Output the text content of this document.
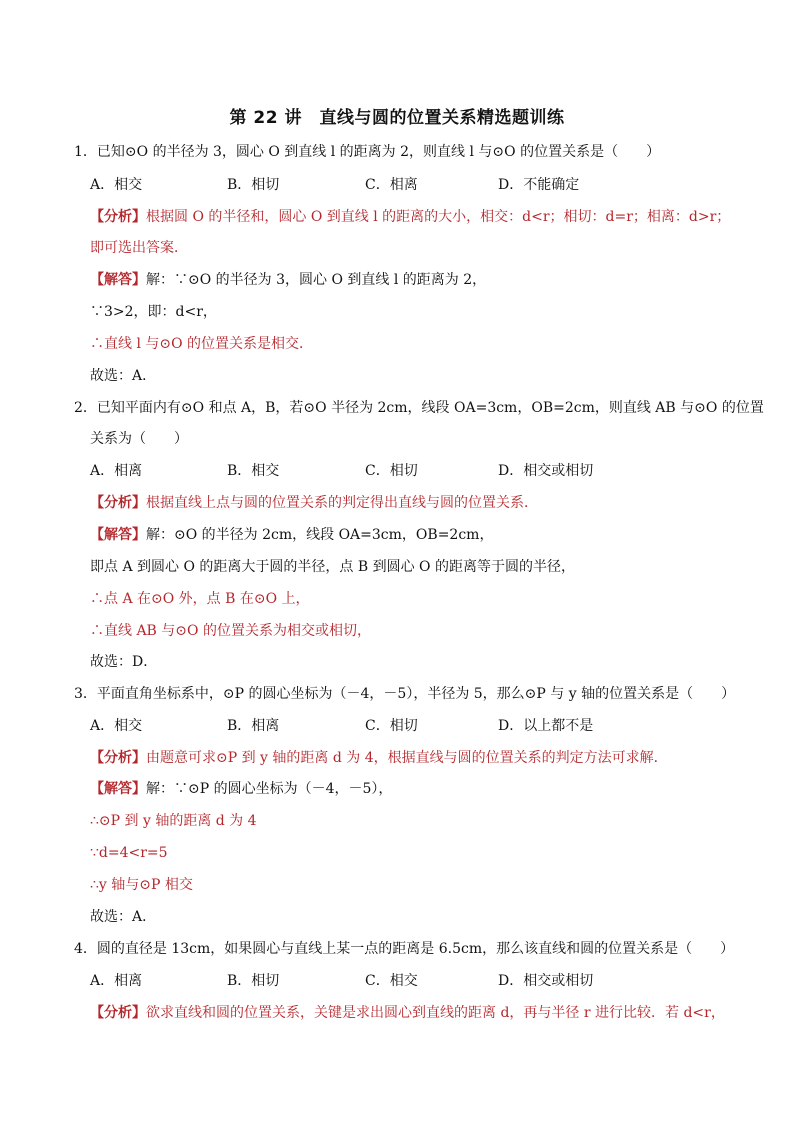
第 22 讲　直线与圆的位置关系精选题训练
1．已知⊙O 的半径为 3，圆心 O 到直线 l 的距离为 2，则直线 l 与⊙O 的位置关系是（　　）
A．相交	B．相切	C．相离	D．不能确定
【分析】根据圆 O 的半径和，圆心 O 到直线 l 的距离的大小，相交：d<r；相切：d=r；相离：d>r；
即可选出答案．
【解答】解：∵⊙O 的半径为 3，圆心 O 到直线 l 的距离为 2，
∵3>2，即：d<r，
∴直线 l 与⊙O 的位置关系是相交．
故选：A．
2．已知平面内有⊙O 和点 A，B，若⊙O 半径为 2cm，线段 OA=3cm，OB=2cm，则直线 AB 与⊙O 的位置
关系为（　　）
A．相离	B．相交	C．相切	D．相交或相切
【分析】根据直线上点与圆的位置关系的判定得出直线与圆的位置关系．
【解答】解：⊙O 的半径为 2cm，线段 OA=3cm，OB=2cm，
即点 A 到圆心 O 的距离大于圆的半径，点 B 到圆心 O 的距离等于圆的半径，
∴点 A 在⊙O 外，点 B 在⊙O 上，
∴直线 AB 与⊙O 的位置关系为相交或相切，
故选：D．
3．平面直角坐标系中，⊙P 的圆心坐标为（－4，－5），半径为 5，那么⊙P 与 y 轴的位置关系是（　　）
A．相交	B．相离	C．相切	D．以上都不是
【分析】由题意可求⊙P 到 y 轴的距离 d 为 4，根据直线与圆的位置关系的判定方法可求解．
【解答】解：∵⊙P 的圆心坐标为（－4，－5），
∴⊙P 到 y 轴的距离 d 为 4
∵d=4<r=5
∴y 轴与⊙P 相交
故选：A．
4．圆的直径是 13cm，如果圆心与直线上某一点的距离是 6.5cm，那么该直线和圆的位置关系是（　　）
A．相离	B．相切	C．相交	D．相交或相切
【分析】欲求直线和圆的位置关系，关键是求出圆心到直线的距离 d，再与半径 r 进行比较．若 d<r，
